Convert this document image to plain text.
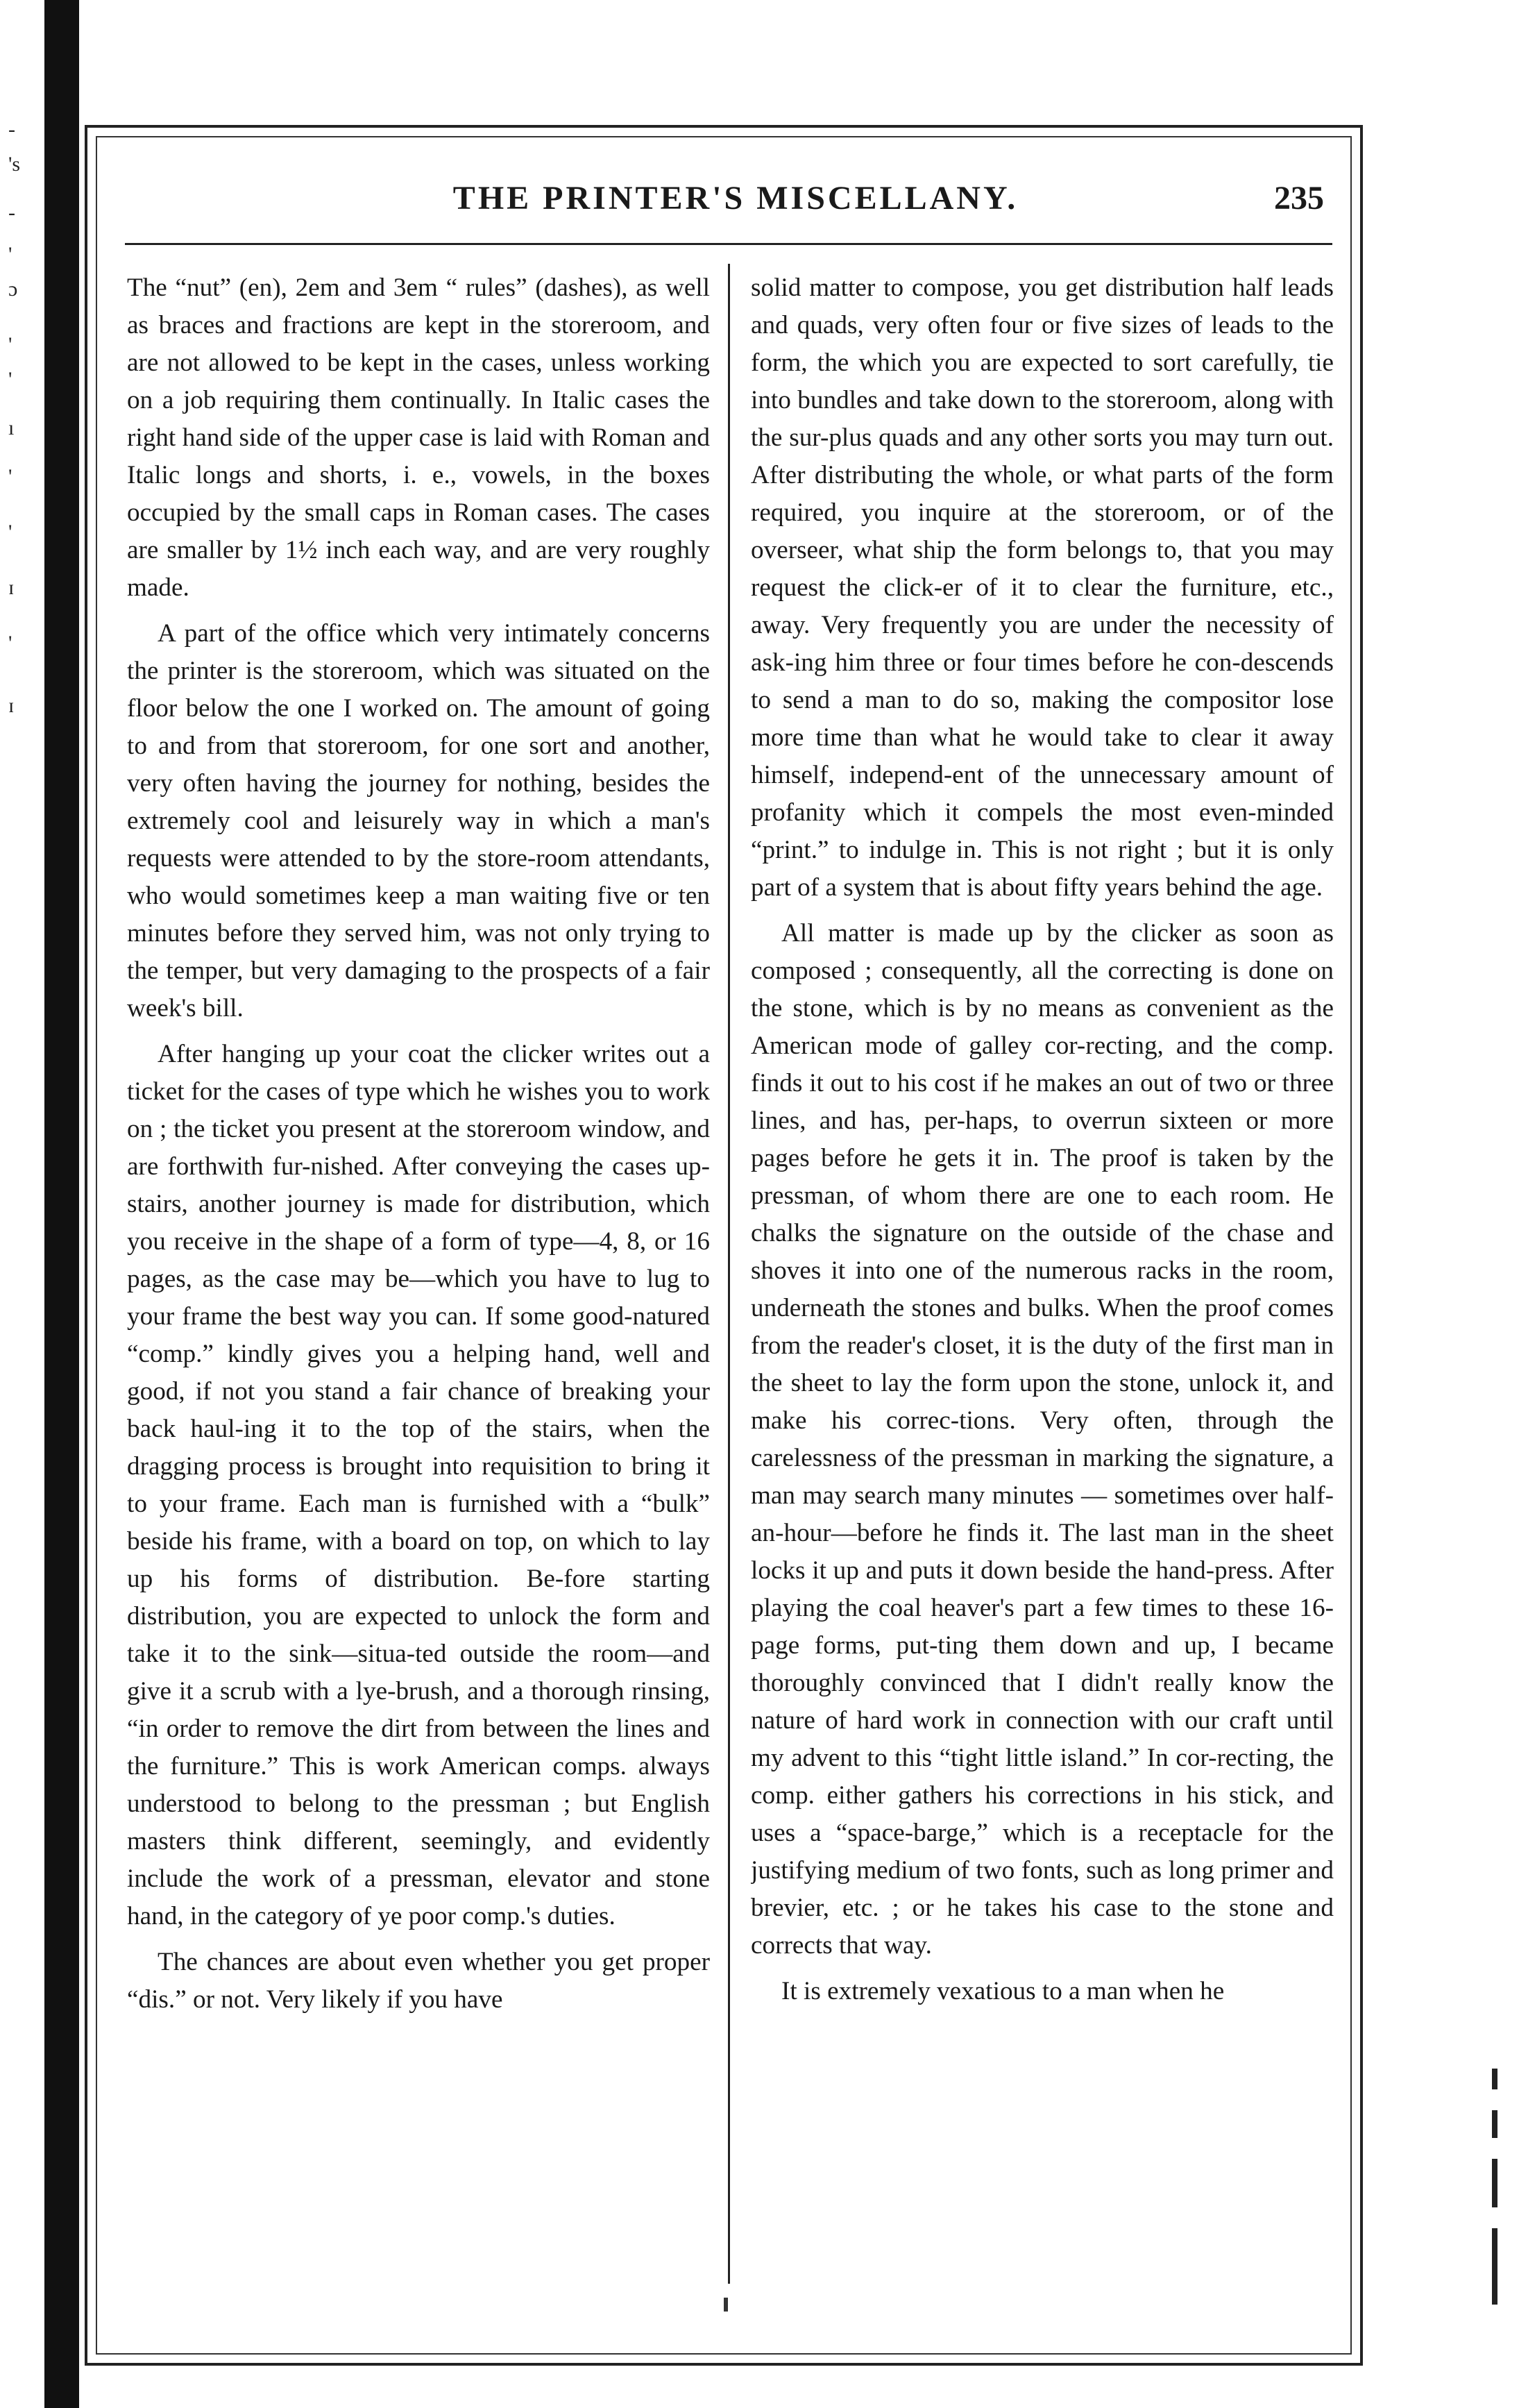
-
's
-
'
ɔ
'
'
ı
'
'
ɪ
'
ɪ
THE PRINTER'S MISCELLANY.	235

The “nut” (en), 2em and 3em “ rules” (dashes), as well as braces and fractions are kept in the storeroom, and are not allowed to be kept in the cases, unless working on a job requiring them continually. In Italic cases the right hand side of the upper case is laid with Roman and Italic longs and shorts, i. e., vowels, in the boxes occupied by the small caps in Roman cases. The cases are smaller by 1½ inch each way, and are very roughly made.

A part of the office which very intimately concerns the printer is the storeroom, which was situated on the floor below the one I worked on. The amount of going to and from that storeroom, for one sort and another, very often having the journey for nothing, besides the extremely cool and leisurely way in which a man's requests were attended to by the store-room attendants, who would sometimes keep a man waiting five or ten minutes before they served him, was not only trying to the temper, but very damaging to the prospects of a fair week's bill.

After hanging up your coat the clicker writes out a ticket for the cases of type which he wishes you to work on ; the ticket you present at the storeroom window, and are forthwith fur-nished. After conveying the cases up-stairs, another journey is made for distribution, which you receive in the shape of a form of type—4, 8, or 16 pages, as the case may be—which you have to lug to your frame the best way you can. If some good-natured “comp.” kindly gives you a helping hand, well and good, if not you stand a fair chance of breaking your back haul-ing it to the top of the stairs, when the dragging process is brought into requisition to bring it to your frame. Each man is furnished with a “bulk” beside his frame, with a board on top, on which to lay up his forms of distribution. Be-fore starting distribution, you are expected to unlock the form and take it to the sink—situa-ted outside the room—and give it a scrub with a lye-brush, and a thorough rinsing, “in order to remove the dirt from between the lines and the furniture.” This is work American comps. always understood to belong to the pressman ; but English masters think different, seemingly, and evidently include the work of a pressman, elevator and stone hand, in the category of ye poor comp.'s duties.

The chances are about even whether you get proper “dis.” or not. Very likely if you have

solid matter to compose, you get distribution half leads and quads, very often four or five sizes of leads to the form, the which you are expected to sort carefully, tie into bundles and take down to the storeroom, along with the sur-plus quads and any other sorts you may turn out. After distributing the whole, or what parts of the form required, you inquire at the storeroom, or of the overseer, what ship the form belongs to, that you may request the click-er of it to clear the furniture, etc., away. Very frequently you are under the necessity of ask-ing him three or four times before he con-descends to send a man to do so, making the compositor lose more time than what he would take to clear it away himself, independ-ent of the unnecessary amount of profanity which it compels the most even-minded “print.” to indulge in. This is not right ; but it is only part of a system that is about fifty years behind the age.

All matter is made up by the clicker as soon as composed ; consequently, all the correcting is done on the stone, which is by no means as convenient as the American mode of galley cor-recting, and the comp. finds it out to his cost if he makes an out of two or three lines, and has, per-haps, to overrun sixteen or more pages before he gets it in. The proof is taken by the pressman, of whom there are one to each room. He chalks the signature on the outside of the chase and shoves it into one of the numerous racks in the room, underneath the stones and bulks. When the proof comes from the reader's closet, it is the duty of the first man in the sheet to lay the form upon the stone, unlock it, and make his correc-tions. Very often, through the carelessness of the pressman in marking the signature, a man may search many minutes — sometimes over half-an-hour—before he finds it. The last man in the sheet locks it up and puts it down beside the hand-press. After playing the coal heaver's part a few times to these 16-page forms, put-ting them down and up, I became thoroughly convinced that I didn't really know the nature of hard work in connection with our craft until my advent to this “tight little island.” In cor-recting, the comp. either gathers his corrections in his stick, and uses a “space-barge,” which is a receptacle for the justifying medium of two fonts, such as long primer and brevier, etc. ; or he takes his case to the stone and corrects that way.

It is extremely vexatious to a man when he
